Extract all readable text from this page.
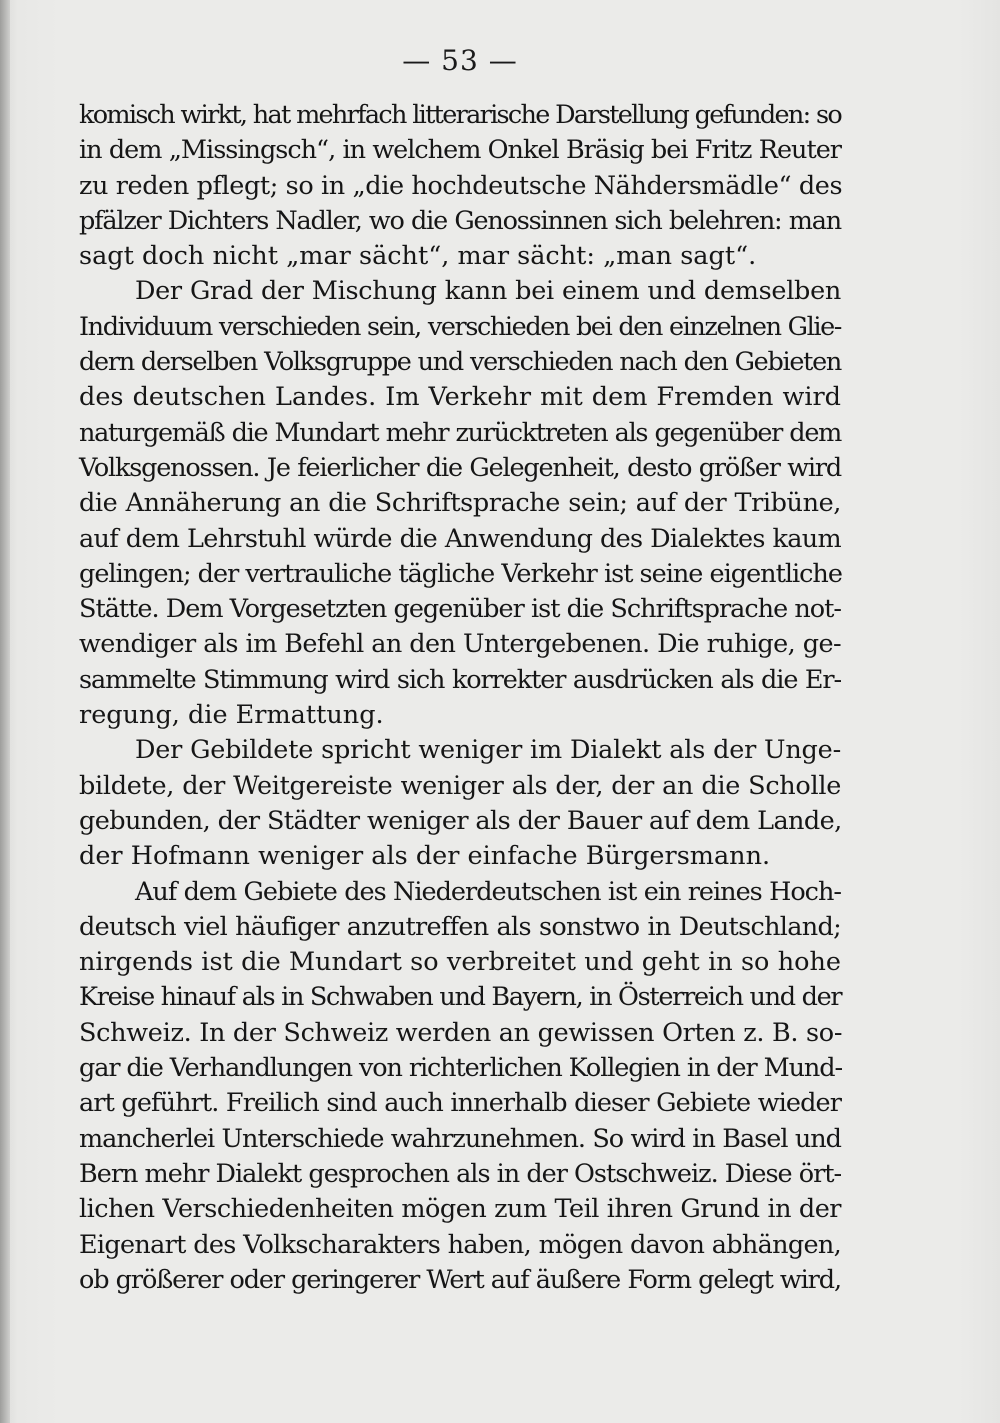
— 53 —
komisch wirkt, hat mehrfach litterarische Darstellung gefunden: so
in dem „Missingsch“, in welchem Onkel Bräsig bei Fritz Reuter
zu reden pflegt; so in „die hochdeutsche Nähdersmädle“ des
pfälzer Dichters Nadler, wo die Genossinnen sich belehren: man
sagt doch nicht „mar sächt“, mar sächt: „man sagt“.
Der Grad der Mischung kann bei einem und demselben
Individuum verschieden sein, verschieden bei den einzelnen Glie-
dern derselben Volksgruppe und verschieden nach den Gebieten
des deutschen Landes. Im Verkehr mit dem Fremden wird
naturgemäß die Mundart mehr zurücktreten als gegenüber dem
Volksgenossen. Je feierlicher die Gelegenheit, desto größer wird
die Annäherung an die Schriftsprache sein; auf der Tribüne,
auf dem Lehrstuhl würde die Anwendung des Dialektes kaum
gelingen; der vertrauliche tägliche Verkehr ist seine eigentliche
Stätte. Dem Vorgesetzten gegenüber ist die Schriftsprache not-
wendiger als im Befehl an den Untergebenen. Die ruhige, ge-
sammelte Stimmung wird sich korrekter ausdrücken als die Er-
regung, die Ermattung.
Der Gebildete spricht weniger im Dialekt als der Unge-
bildete, der Weitgereiste weniger als der, der an die Scholle
gebunden, der Städter weniger als der Bauer auf dem Lande,
der Hofmann weniger als der einfache Bürgersmann.
Auf dem Gebiete des Niederdeutschen ist ein reines Hoch-
deutsch viel häufiger anzutreffen als sonstwo in Deutschland;
nirgends ist die Mundart so verbreitet und geht in so hohe
Kreise hinauf als in Schwaben und Bayern, in Österreich und der
Schweiz. In der Schweiz werden an gewissen Orten z. B. so-
gar die Verhandlungen von richterlichen Kollegien in der Mund-
art geführt. Freilich sind auch innerhalb dieser Gebiete wieder
mancherlei Unterschiede wahrzunehmen. So wird in Basel und
Bern mehr Dialekt gesprochen als in der Ostschweiz. Diese ört-
lichen Verschiedenheiten mögen zum Teil ihren Grund in der
Eigenart des Volkscharakters haben, mögen davon abhängen,
ob größerer oder geringerer Wert auf äußere Form gelegt wird,
